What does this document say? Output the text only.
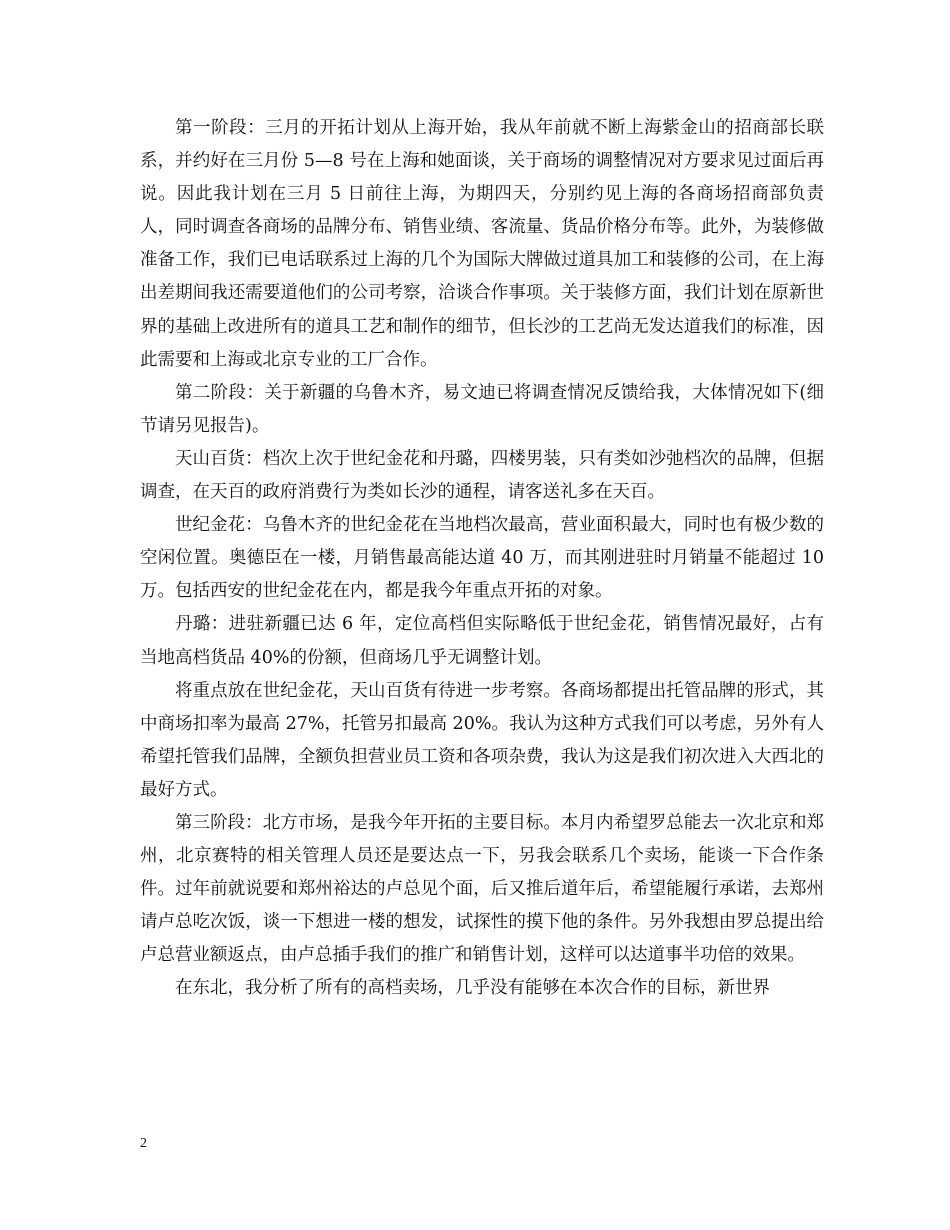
第一阶段：三月的开拓计划从上海开始，我从年前就不断上海紫金山的招商部长联系，并约好在三月份 5—8 号在上海和她面谈，关于商场的调整情况对方要求见过面后再说。因此我计划在三月 5 日前往上海，为期四天，分别约见上海的各商场招商部负责人，同时调查各商场的品牌分布、销售业绩、客流量、货品价格分布等。此外，为装修做准备工作，我们已电话联系过上海的几个为国际大牌做过道具加工和装修的公司，在上海出差期间我还需要道他们的公司考察，洽谈合作事项。关于装修方面，我们计划在原新世界的基础上改进所有的道具工艺和制作的细节，但长沙的工艺尚无发达道我们的标准，因此需要和上海或北京专业的工厂合作。

第二阶段：关于新疆的乌鲁木齐，易文迪已将调查情况反馈给我，大体情况如下(细节请另见报告)。

天山百货：档次上次于世纪金花和丹璐，四楼男装，只有类如沙弛档次的品牌，但据调查，在天百的政府消费行为类如长沙的通程，请客送礼多在天百。

世纪金花：乌鲁木齐的世纪金花在当地档次最高，营业面积最大，同时也有极少数的空闲位置。奥德臣在一楼，月销售最高能达道 40 万，而其刚进驻时月销量不能超过 10 万。包括西安的世纪金花在内，都是我今年重点开拓的对象。

丹璐：进驻新疆已达 6 年，定位高档但实际略低于世纪金花，销售情况最好，占有当地高档货品 40%的份额，但商场几乎无调整计划。

将重点放在世纪金花，天山百货有待进一步考察。各商场都提出托管品牌的形式，其中商场扣率为最高 27%，托管另扣最高 20%。我认为这种方式我们可以考虑，另外有人希望托管我们品牌，全额负担营业员工资和各项杂费，我认为这是我们初次进入大西北的最好方式。

第三阶段：北方市场，是我今年开拓的主要目标。本月内希望罗总能去一次北京和郑州，北京赛特的相关管理人员还是要达点一下，另我会联系几个卖场，能谈一下合作条件。过年前就说要和郑州裕达的卢总见个面，后又推后道年后，希望能履行承诺，去郑州请卢总吃次饭，谈一下想进一楼的想发，试探性的摸下他的条件。另外我想由罗总提出给卢总营业额返点，由卢总插手我们的推广和销售计划，这样可以达道事半功倍的效果。

在东北，我分析了所有的高档卖场，几乎没有能够在本次合作的目标，新世界

2
